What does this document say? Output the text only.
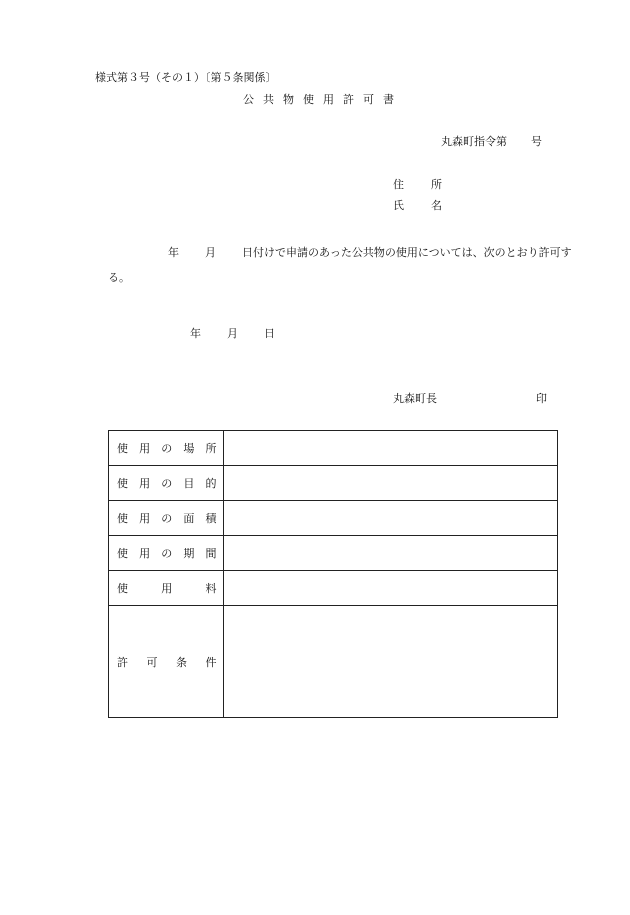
様式第３号（その１）〔第５条関係〕
公共物使用許可書
丸森町指令第 号
住 所
氏 名
年 月 日付けで申請のあった公共物の使用については、次のとおり許可する。
年 月 日
丸森町長	印
使 用 の 場 所	

使 用 の 目 的	

使 用 の 面 積	

使 用 の 期 間	

使 用 料	

許 可 条 件	
